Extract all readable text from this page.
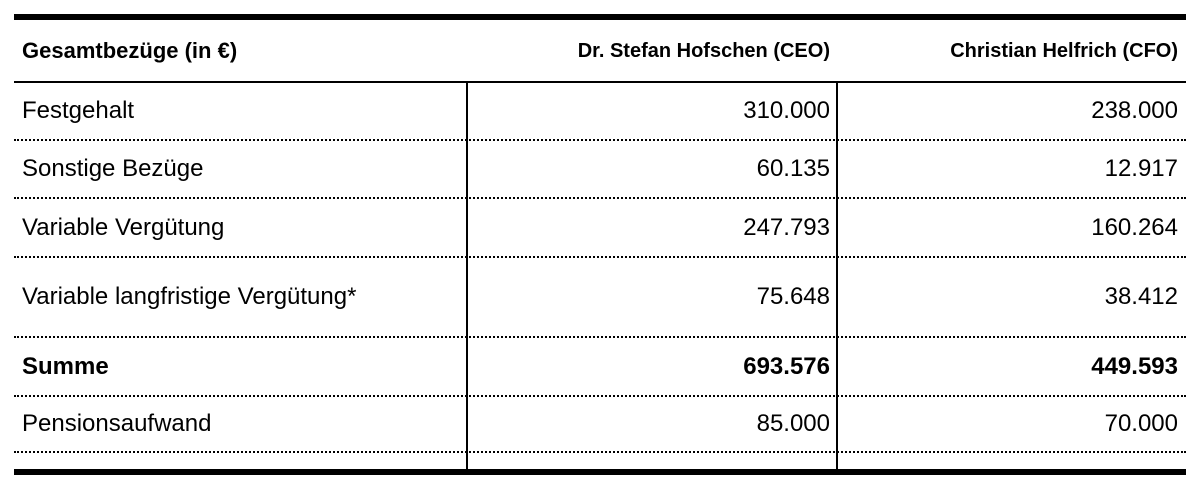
Gesamtbezüge (in €)	Dr. Stefan Hofschen (CEO)	Christian Helfrich (CFO)
Festgehalt	310.000	238.000
Sonstige Bezüge	60.135	12.917
Variable Vergütung	247.793	160.264
Variable langfristige Vergütung*	75.648	38.412
Summe	693.576	449.593
Pensionsaufwand	85.000	70.000
